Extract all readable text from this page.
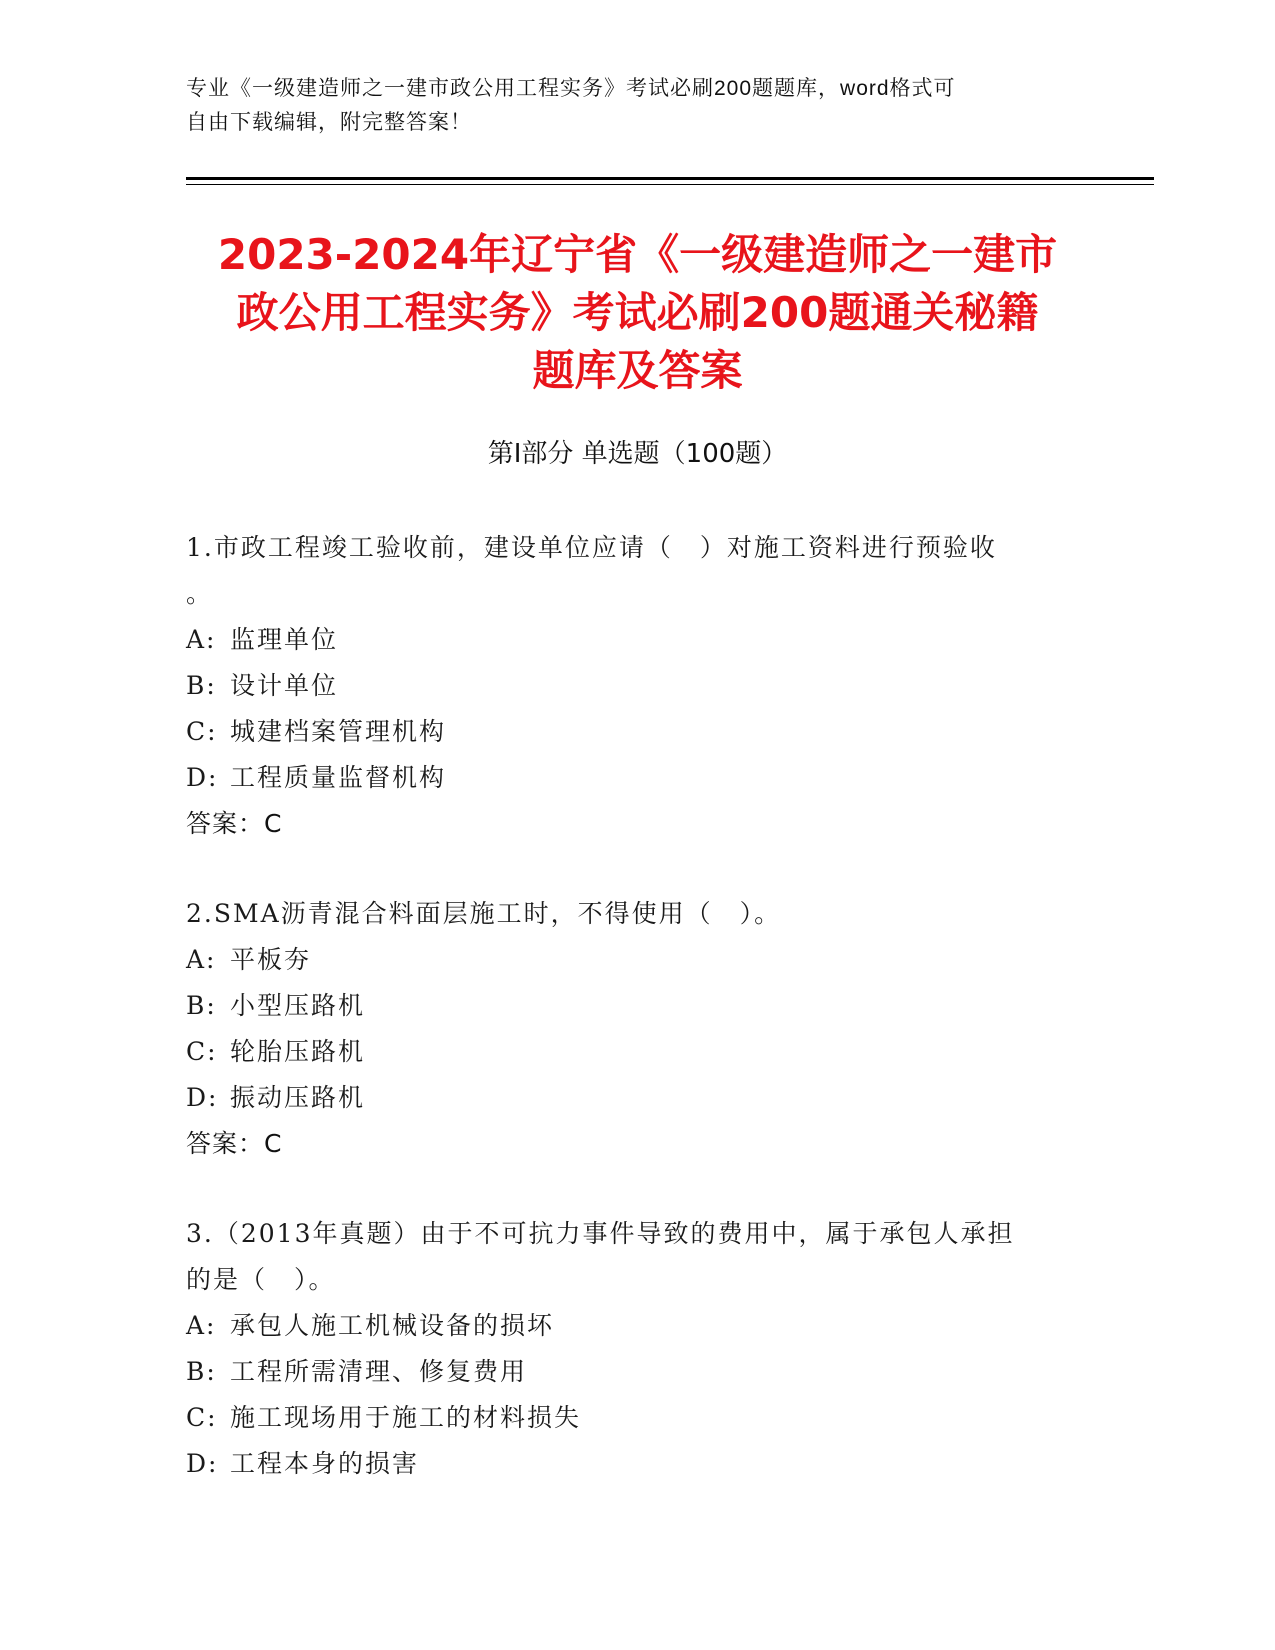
专业《一级建造师之一建市政公用工程实务》考试必刷200题题库，word格式可
自由下载编辑，附完整答案！
2023-2024年辽宁省《一级建造师之一建市
政公用工程实务》考试必刷200题通关秘籍
题库及答案
第Ⅰ部分 单选题（100题）

1.市政工程竣工验收前，建设单位应请（　）对施工资料进行预验收

。

A: 监理单位

B: 设计单位

C: 城建档案管理机构

D: 工程质量监督机构

答案：C

2.SMA沥青混合料面层施工时，不得使用（　）。

A: 平板夯

B: 小型压路机

C: 轮胎压路机

D: 振动压路机

答案：C

3.（2013年真题）由于不可抗力事件导致的费用中，属于承包人承担

的是（　）。

A: 承包人施工机械设备的损坏

B: 工程所需清理、修复费用

C: 施工现场用于施工的材料损失

D: 工程本身的损害
